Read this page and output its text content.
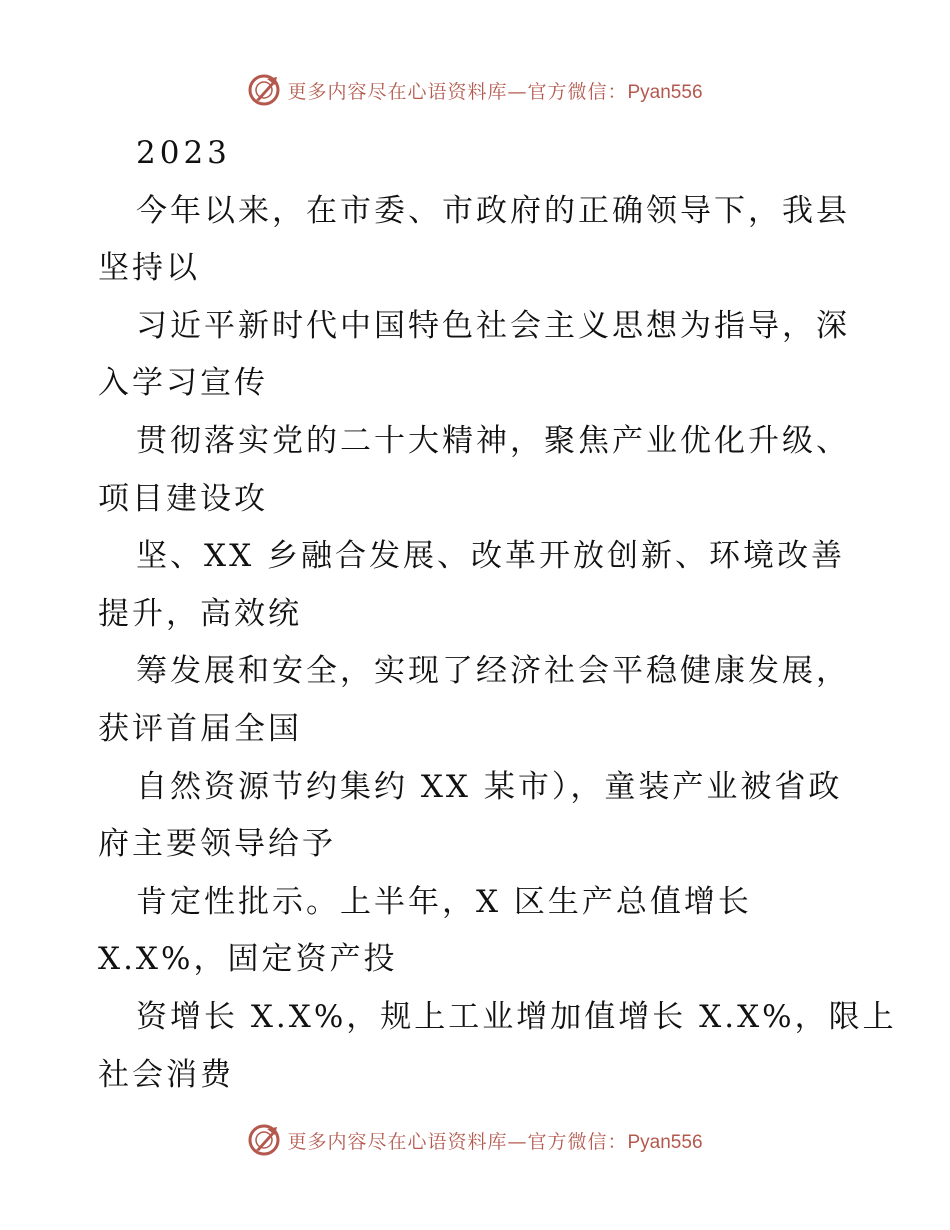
更多内容尽在心语资料库—官方微信：Pyan556
2023
今年以来，在市委、市政府的正确领导下，我县
坚持以
习近平新时代中国特色社会主义思想为指导，深
入学习宣传
贯彻落实党的二十大精神，聚焦产业优化升级、
项目建设攻
坚、XX 乡融合发展、改革开放创新、环境改善
提升，高效统
筹发展和安全，实现了经济社会平稳健康发展，
获评首届全国
自然资源节约集约 XX 某市），童装产业被省政
府主要领导给予
肯定性批示。上半年，X 区生产总值增长
X.X%，固定资产投
资增长 X.X%，规上工业增加值增长 X.X%，限上
社会消费
更多内容尽在心语资料库—官方微信：Pyan556
